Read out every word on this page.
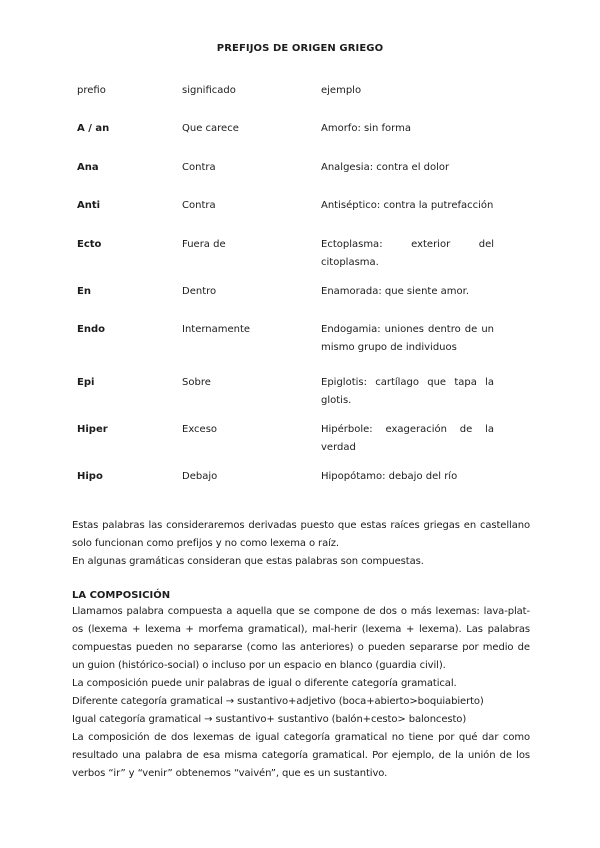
PREFIJOS DE ORIGEN GRIEGO
prefio	significado	ejemplo
A / an	Que carece	Amorfo: sin forma
Ana	Contra	Analgesia: contra el dolor
Anti	Contra	Antiséptico: contra la putrefacción
Ecto	Fuera de	Ectoplasma: exterior del citoplasma.
En	Dentro	Enamorada: que siente amor.
Endo	Internamente	Endogamia: uniones dentro de un mismo grupo de individuos
Epi	Sobre	Epiglotis: cartílago que tapa la glotis.
Hiper	Exceso	Hipérbole: exageración de la verdad
Hipo	Debajo	Hipopótamo: debajo del río

Estas palabras las consideraremos derivadas puesto que estas raíces griegas en castellano solo funcionan como prefijos y no como lexema o raíz.

En algunas gramáticas consideran que estas palabras son compuestas.

LA COMPOSICIÓN

Llamamos palabra compuesta a aquella que se compone de dos o más lexemas: lava-plat-os (lexema + lexema + morfema gramatical), mal-herir (lexema + lexema). Las palabras compuestas pueden no separarse (como las anteriores) o pueden separarse por medio de un guion (histórico-social) o incluso por un espacio en blanco (guardia civil).

La composición puede unir palabras de igual o diferente categoría gramatical.

Diferente categoría gramatical → sustantivo+adjetivo (boca+abierto>boquiabierto)

Igual categoría gramatical → sustantivo+ sustantivo (balón+cesto> baloncesto)

La composición de dos lexemas de igual categoría gramatical no tiene por qué dar como resultado una palabra de esa misma categoría gramatical. Por ejemplo, de la unión de los verbos “ir” y “venir” obtenemos “vaivén”, que es un sustantivo.
